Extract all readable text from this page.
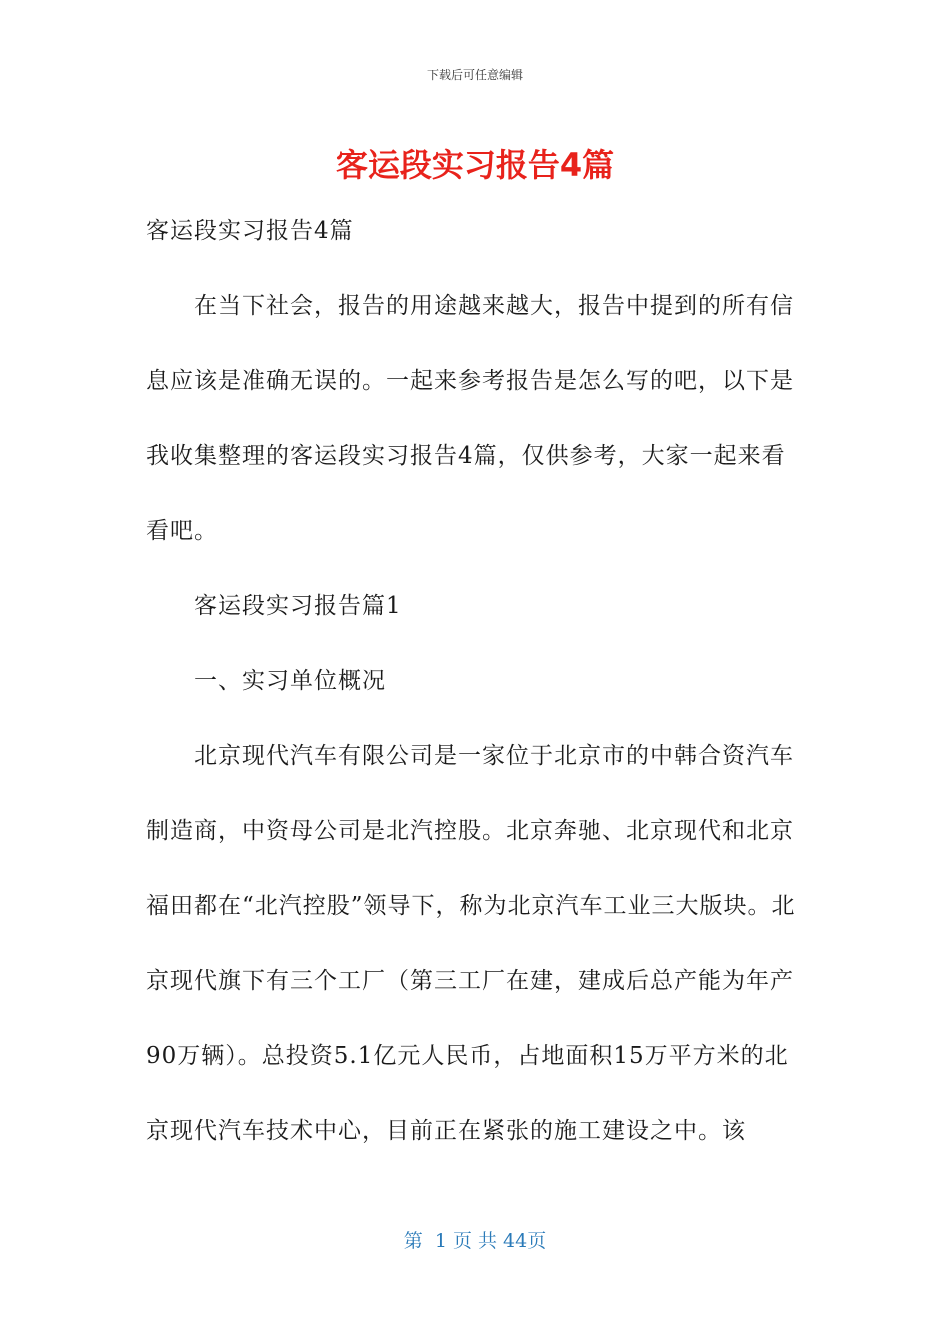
下载后可任意编辑
客运段实习报告4篇

客运段实习报告4篇

在当下社会，报告的用途越来越大，报告中提到的所有信息应该是准确无误的。一起来参考报告是怎么写的吧，以下是我收集整理的客运段实习报告4篇，仅供参考，大家一起来看看吧。

客运段实习报告篇1

一、实习单位概况

北京现代汽车有限公司是一家位于北京市的中韩合资汽车制造商，中资母公司是北汽控股。北京奔驰、北京现代和北京福田都在“北汽控股”领导下，称为北京汽车工业三大版块。北京现代旗下有三个工厂（第三工厂在建，建成后总产能为年产90万辆）。总投资5.1亿元人民币，占地面积15万平方米的北京现代汽车技术中心，目前正在紧张的施工建设之中。该

第  1 页 共 44页
